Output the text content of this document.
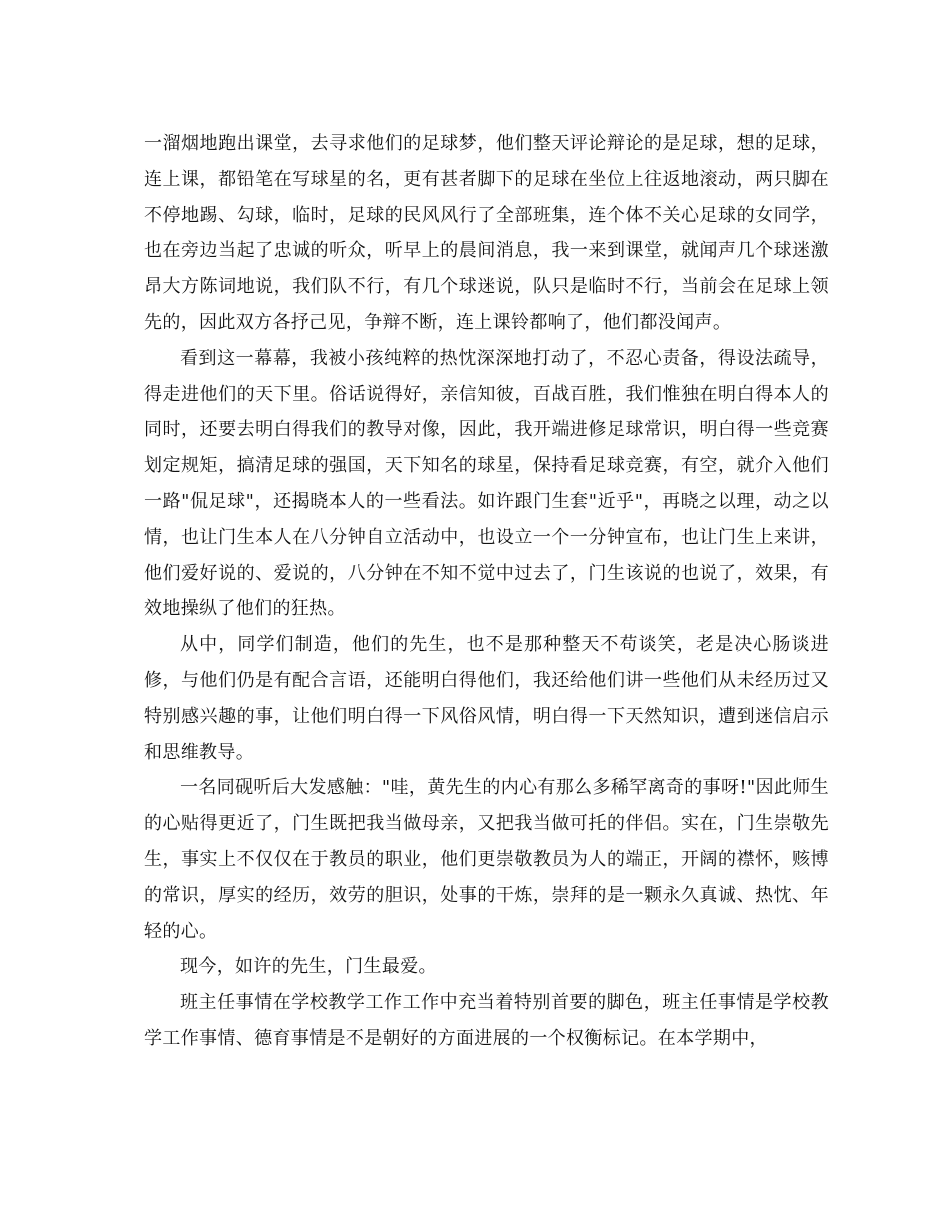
一溜烟地跑出课堂，去寻求他们的足球梦，他们整天评论辩论的是足球，想的足球，连上课，都铅笔在写球星的名，更有甚者脚下的足球在坐位上往返地滚动，两只脚在不停地踢、勾球，临时，足球的民风风行了全部班集，连个体不关心足球的女同学，也在旁边当起了忠诚的听众，听早上的晨间消息，我一来到课堂，就闻声几个球迷激昂大方陈词地说，我们队不行，有几个球迷说，队只是临时不行，当前会在足球上领先的，因此双方各抒己见，争辩不断，连上课铃都响了，他们都没闻声。

看到这一幕幕，我被小孩纯粹的热忱深深地打动了，不忍心责备，得设法疏导，得走进他们的天下里。俗话说得好，亲信知彼，百战百胜，我们惟独在明白得本人的同时，还要去明白得我们的教导对像，因此，我开端进修足球常识，明白得一些竞赛划定规矩，搞清足球的强国，天下知名的球星，保持看足球竞赛，有空，就介入他们一路"侃足球"，还揭晓本人的一些看法。如许跟门生套"近乎"，再晓之以理，动之以情，也让门生本人在八分钟自立活动中，也设立一个一分钟宣布，也让门生上来讲，他们爱好说的、爱说的，八分钟在不知不觉中过去了，门生该说的也说了，效果，有效地操纵了他们的狂热。

从中，同学们制造，他们的先生，也不是那种整天不苟谈笑，老是决心肠谈进修，与他们仍是有配合言语，还能明白得他们，我还给他们讲一些他们从未经历过又特别感兴趣的事，让他们明白得一下风俗风情，明白得一下天然知识，遭到迷信启示和思维教导。

一名同砚听后大发感触："哇，黄先生的内心有那么多稀罕离奇的事呀!"因此师生的心贴得更近了，门生既把我当做母亲，又把我当做可托的伴侣。实在，门生崇敬先生，事实上不仅仅在于教员的职业，他们更崇敬教员为人的端正，开阔的襟怀，赅博的常识，厚实的经历，效劳的胆识，处事的干炼，崇拜的是一颗永久真诚、热忱、年轻的心。

现今，如许的先生，门生最爱。

班主任事情在学校教学工作工作中充当着特别首要的脚色，班主任事情是学校教学工作事情、德育事情是不是朝好的方面进展的一个权衡标记。在本学期中，
